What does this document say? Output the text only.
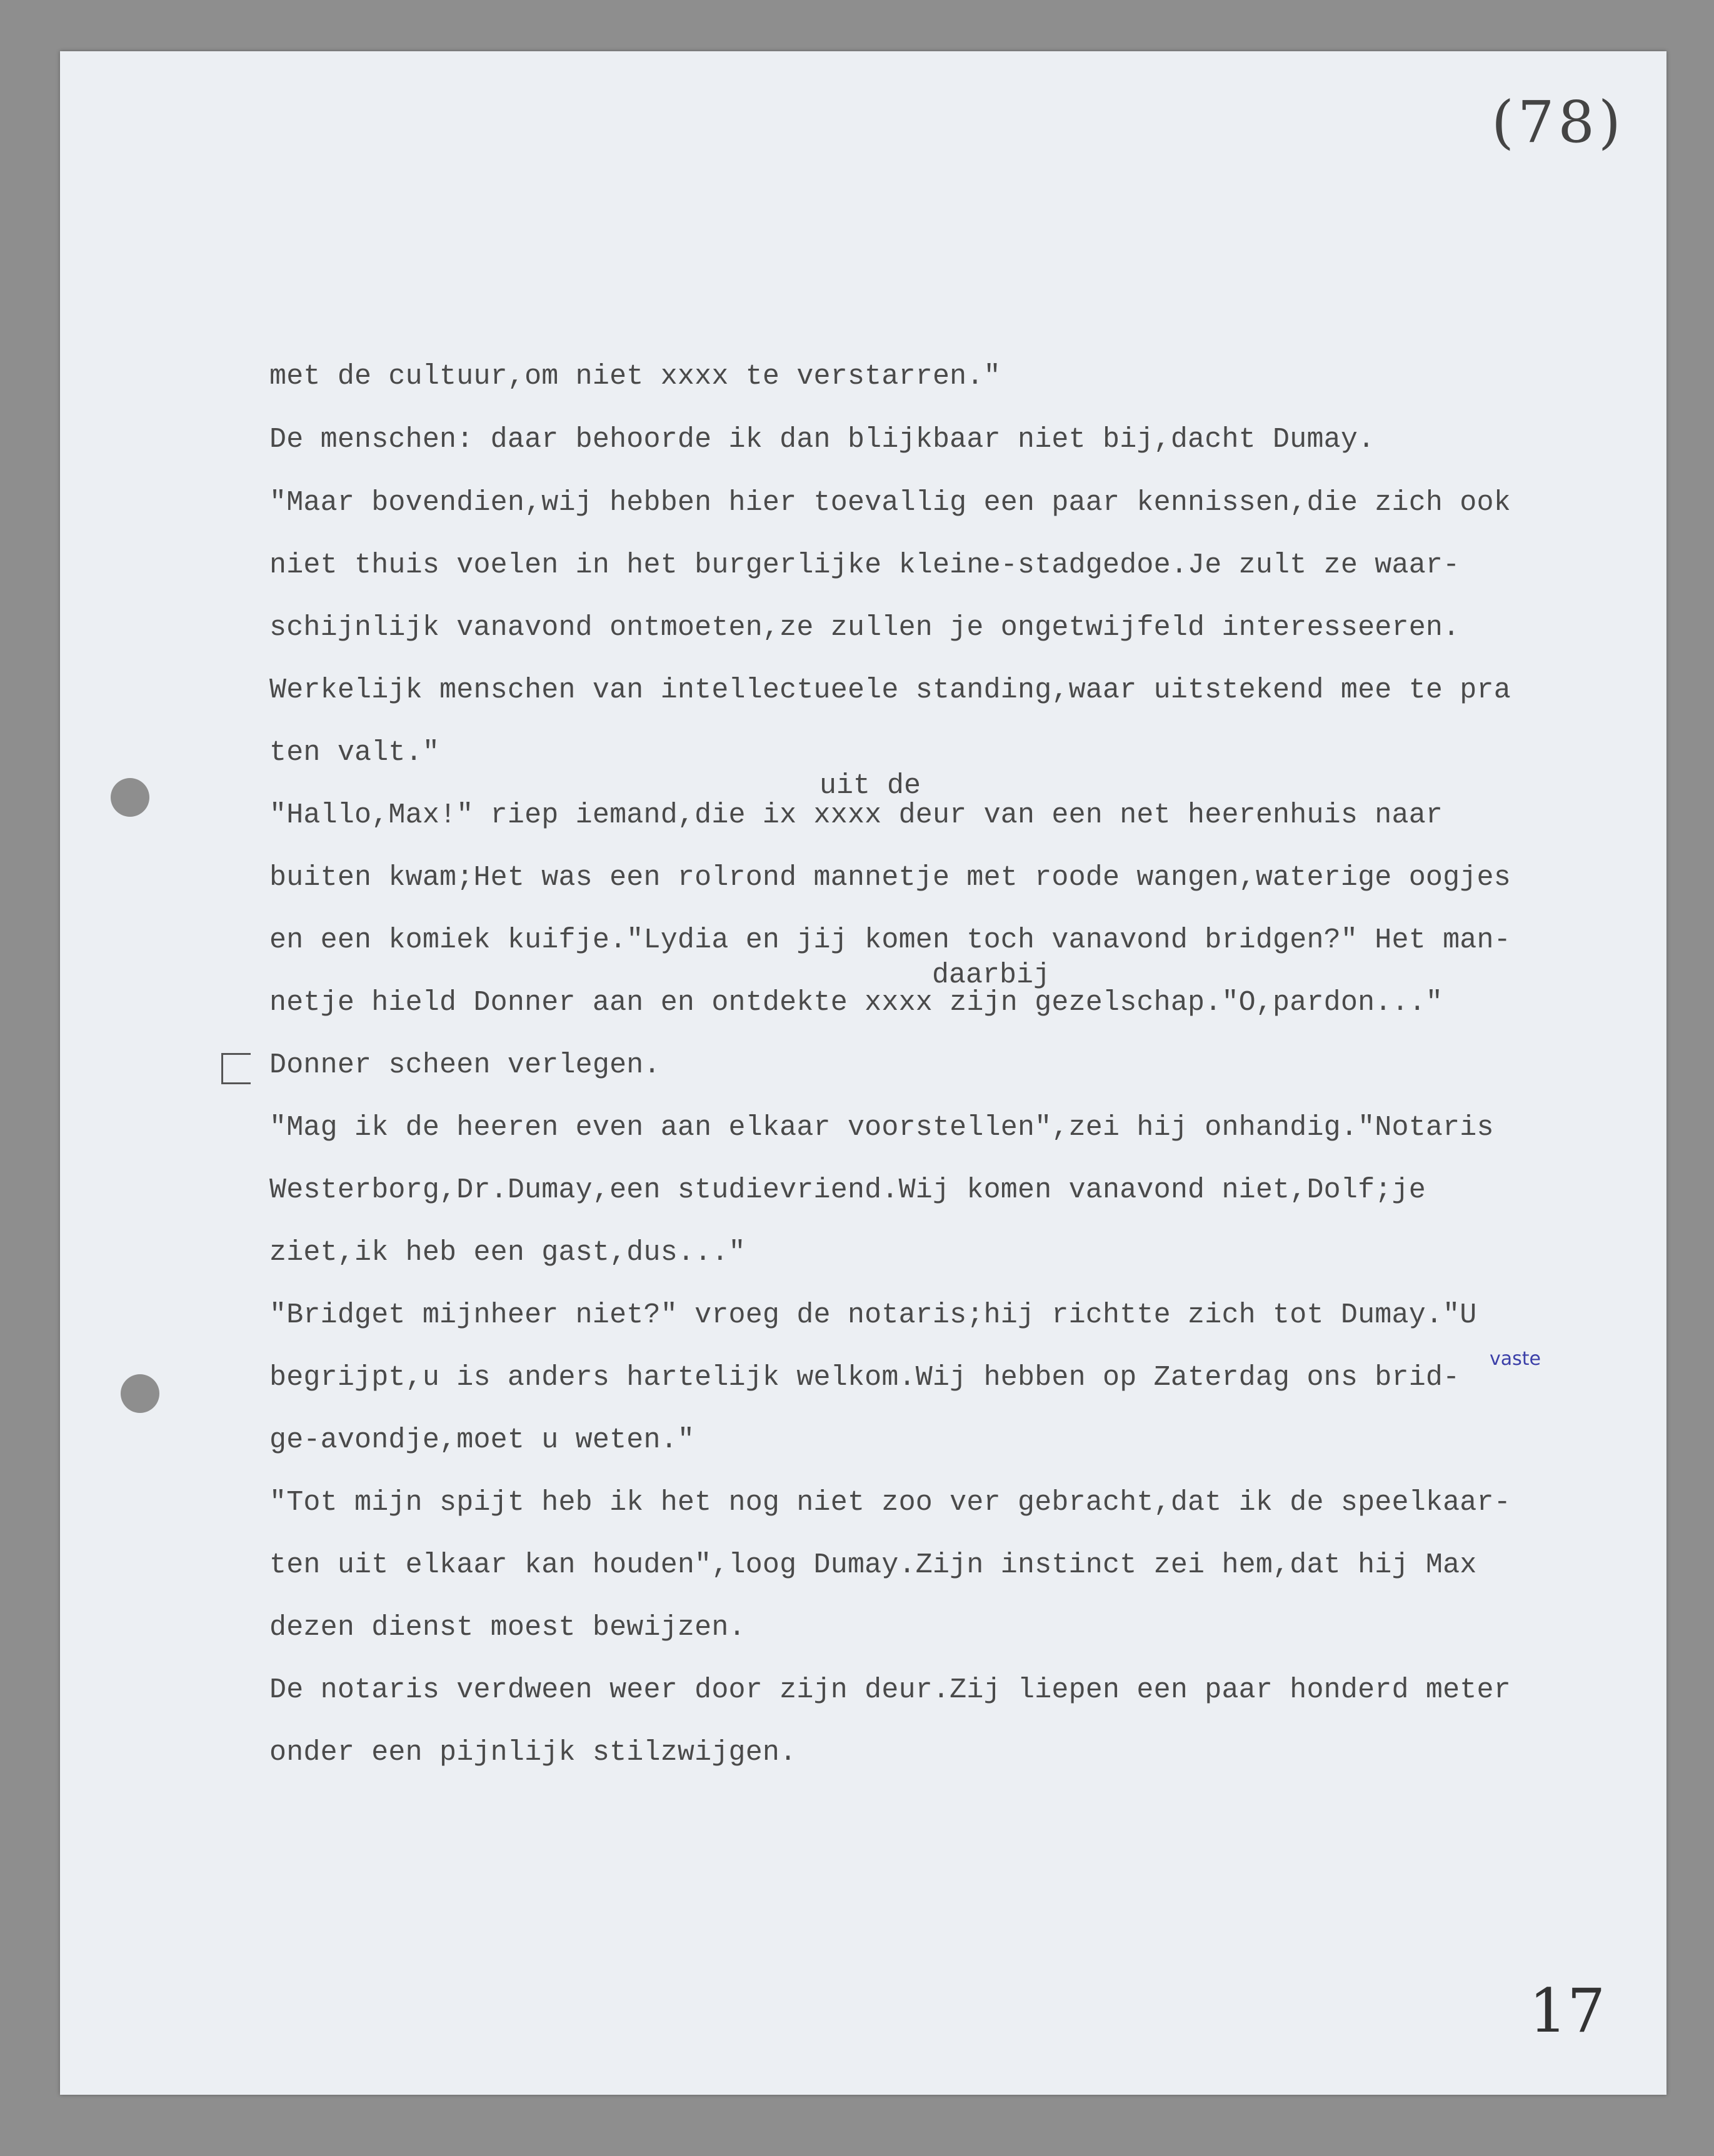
(78)
17
uit de
daarbij
vaste
met de cultuur,om niet xxxx te verstarren."
De menschen: daar behoorde ik dan blijkbaar niet bij,dacht Dumay.
"Maar bovendien,wij hebben hier toevallig een paar kennissen,die zich ook
niet thuis voelen in het burgerlijke kleine-stadgedoe.Je zult ze waar-
schijnlijk vanavond ontmoeten,ze zullen je ongetwijfeld interesseeren.
Werkelijk menschen van intellectueele standing,waar uitstekend mee te pra
ten valt."
"Hallo,Max!" riep iemand,die ix xxxx deur van een net heerenhuis naar
buiten kwam;Het was een rolrond mannetje met roode wangen,waterige oogjes
en een komiek kuifje."Lydia en jij komen toch vanavond bridgen?" Het man-
netje hield Donner aan en ontdekte xxxx zijn gezelschap."O,pardon..."
Donner scheen verlegen.
"Mag ik de heeren even aan elkaar voorstellen",zei hij onhandig."Notaris
Westerborg,Dr.Dumay,een studievriend.Wij komen vanavond niet,Dolf;je
ziet,ik heb een gast,dus..."
"Bridget mijnheer niet?" vroeg de notaris;hij richtte zich tot Dumay."U
begrijpt,u is anders hartelijk welkom.Wij hebben op Zaterdag ons brid-
ge-avondje,moet u weten."
"Tot mijn spijt heb ik het nog niet zoo ver gebracht,dat ik de speelkaar-
ten uit elkaar kan houden",loog Dumay.Zijn instinct zei hem,dat hij Max
dezen dienst moest bewijzen.
De notaris verdween weer door zijn deur.Zij liepen een paar honderd meter
onder een pijnlijk stilzwijgen.
